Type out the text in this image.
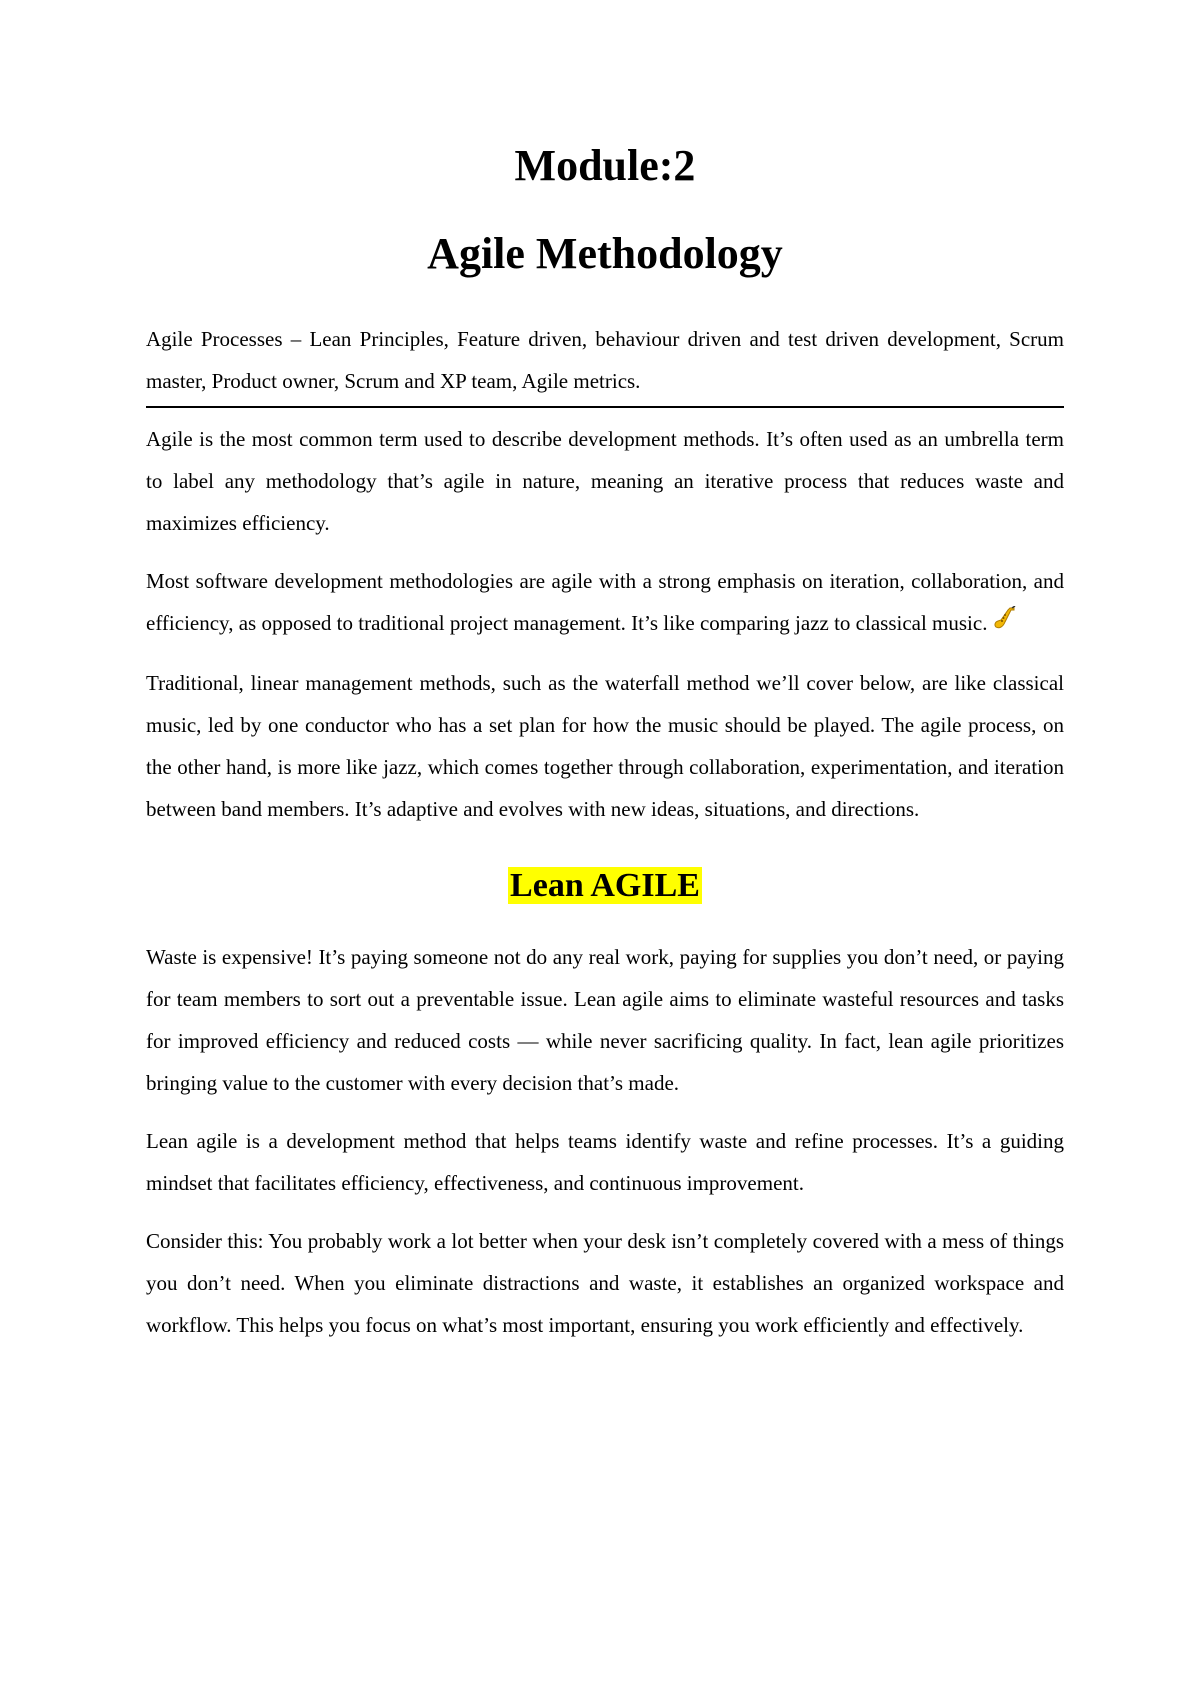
Module:2
Agile Methodology

Agile Processes – Lean Principles, Feature driven, behaviour driven and test driven development, Scrum master, Product owner, Scrum and XP team, Agile metrics.

Agile is the most common term used to describe development methods. It’s often used as an umbrella term to label any methodology that’s agile in nature, meaning an iterative process that reduces waste and maximizes efficiency.

Most software development methodologies are agile with a strong emphasis on iteration, collaboration, and efficiency, as opposed to traditional project management. It’s like comparing jazz to classical music.

Traditional, linear management methods, such as the waterfall method we’ll cover below, are like classical music, led by one conductor who has a set plan for how the music should be played. The agile process, on the other hand, is more like jazz, which comes together through collaboration, experimentation, and iteration between band members. It’s adaptive and evolves with new ideas, situations, and directions.

Lean AGILE

Waste is expensive! It’s paying someone not do any real work, paying for supplies you don’t need, or paying for team members to sort out a preventable issue. Lean agile aims to eliminate wasteful resources and tasks for improved efficiency and reduced costs — while never sacrificing quality. In fact, lean agile prioritizes bringing value to the customer with every decision that’s made.

Lean agile is a development method that helps teams identify waste and refine processes. It’s a guiding mindset that facilitates efficiency, effectiveness, and continuous improvement.

Consider this: You probably work a lot better when your desk isn’t completely covered with a mess of things you don’t need. When you eliminate distractions and waste, it establishes an organized workspace and workflow. This helps you focus on what’s most important, ensuring you work efficiently and effectively.
